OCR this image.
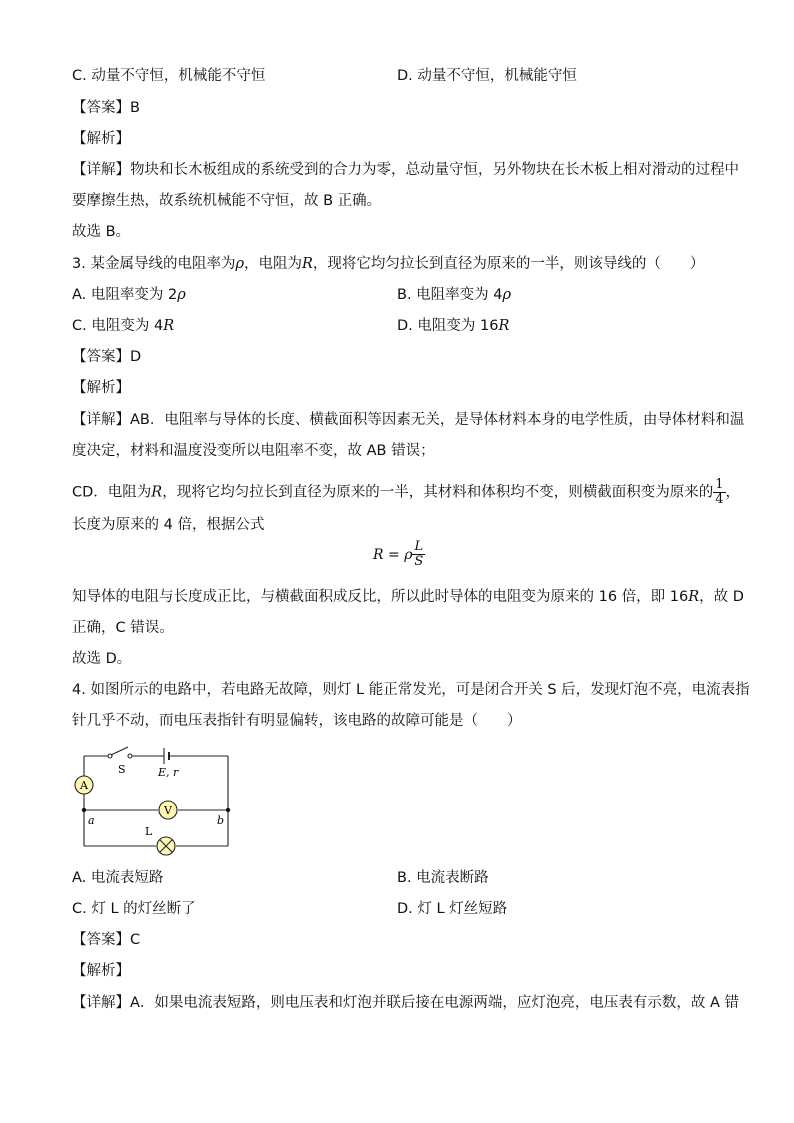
C. 动量不守恒，机械能不守恒	D. 动量不守恒，机械能守恒
【答案】B
【解析】
【详解】物块和长木板组成的系统受到的合力为零，总动量守恒，另外物块在长木板上相对滑动的过程中
要摩擦生热，故系统机械能不守恒，故 B 正确。
故选 B。
3. 某金属导线的电阻率为ρ，电阻为R，现将它均匀拉长到直径为原来的一半，则该导线的（　　）
A. 电阻率变为 2ρ	B. 电阻率变为 4ρ
C. 电阻变为 4R	D. 电阻变为 16R
【答案】D
【解析】
【详解】AB．电阻率与导体的长度、横截面积等因素无关，是导体材料本身的电学性质，由导体材料和温
度决定，材料和温度没变所以电阻率不变，故 AB 错误；
CD．电阻为R，现将它均匀拉长到直径为原来的一半，其材料和体积均不变，则横截面积变为原来的 $\frac{1}{4}$ ，
长度为原来的 4 倍，根据公式
R = ρ $\frac{L}{S}$
知导体的电阻与长度成正比，与横截面积成反比，所以此时导体的电阻变为原来的 16 倍，即 16R，故 D
正确，C 错误。
故选 D。
4. 如图所示的电路中，若电路无故障，则灯 L 能正常发光，可是闭合开关 S 后，发现灯泡不亮，电流表指
针几乎不动，而电压表指针有明显偏转，该电路的故障可能是（　　）
A
V
S	E, r
a	b
L
A. 电流表短路	B. 电流表断路
C. 灯 L 的灯丝断了	D. 灯 L 灯丝短路
【答案】C
【解析】
【详解】A．如果电流表短路，则电压表和灯泡并联后接在电源两端，应灯泡亮，电压表有示数，故 A 错
